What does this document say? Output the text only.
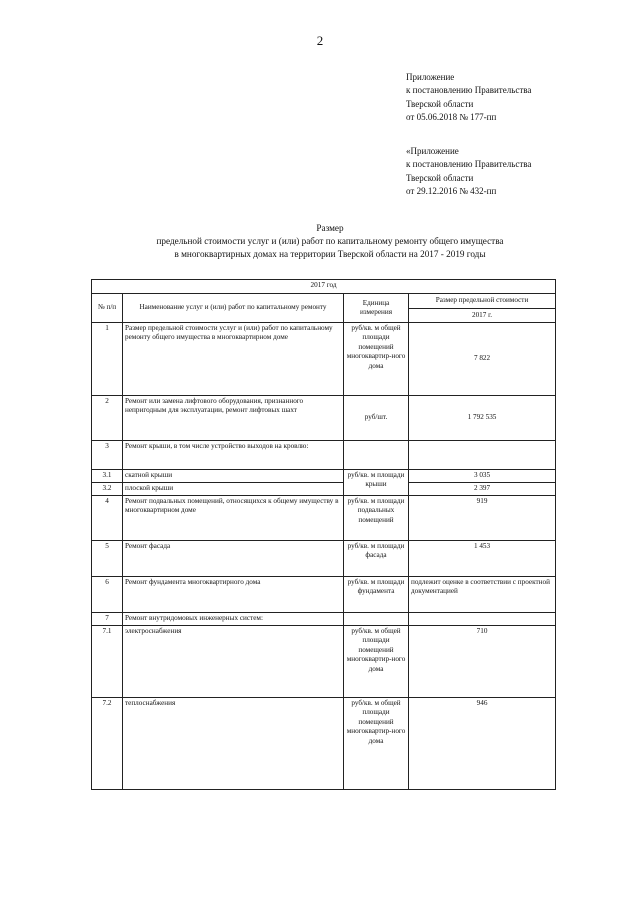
2
Приложение
к постановлению Правительства
Тверской области
от 05.06.2018 № 177-пп
«Приложение
к постановлению Правительства
Тверской области
от 29.12.2016 № 432-пп
Размер
предельной стоимости услуг и (или) работ по капитальному ремонту общего имущества
в многоквартирных домах на территории Тверской области на 2017 - 2019 годы
2017 год			
№ п/п	Наименование услуг и (или) работ по капитальному ремонту	Единица измерения	Размер предельной стоимости
			2017 г.
1	Размер предельной стоимости услуг и (или) работ по капитальному ремонту общего имущества в многоквартирном доме	руб/кв. м общей площади помещений многоквартир-ного дома	7 822
2	Ремонт или замена лифтового оборудования, признанного непригодным для эксплуатации, ремонт лифтовых шахт	руб/шт.	1 792 535
3	Ремонт крыши, в том числе устройство выходов на кровлю:		
3.1	скатной крыши	руб/кв. м площади крыши	3 035
3.2	плоской крыши		2 397
4	Ремонт подвальных помещений, относящихся к общему имуществу в многоквартирном доме	руб/кв. м площади подвальных помещений	919
5	Ремонт фасада	руб/кв. м площади фасада	1 453
6	Ремонт фундамента многоквартирного дома	руб/кв. м площади фундамента	подлежит оценке в соответствии с проектной документацией
7	Ремонт внутридомовых инженерных систем:		
7.1	электроснабжения	руб/кв. м общей площади помещений многоквартир-ного дома	710
7.2	теплоснабжения	руб/кв. м общей площади помещений многоквартир-ного дома	946
